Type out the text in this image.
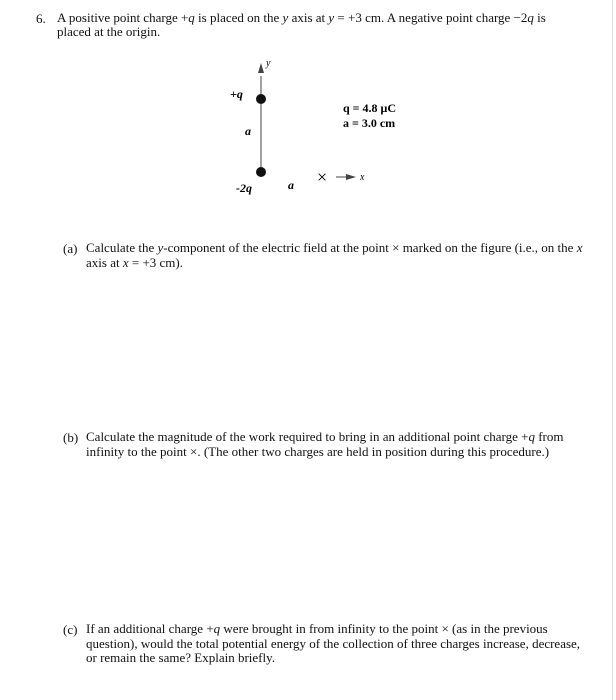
6. A positive point charge +q is placed on the y axis at y = +3 cm. A negative point charge −2q is placed at the origin.
y
x
+q
-2q
a
a ×
q = 4.8 μC
a = 3.0 cm
(a) Calculate the y-component of the electric field at the point × marked on the figure (i.e., on the x axis at x = +3 cm).
(b) Calculate the magnitude of the work required to bring in an additional point charge +q from infinity to the point ×. (The other two charges are held in position during this procedure.)
(c) If an additional charge +q were brought in from infinity to the point × (as in the previous question), would the total potential energy of the collection of three charges increase, decrease, or remain the same? Explain briefly.
